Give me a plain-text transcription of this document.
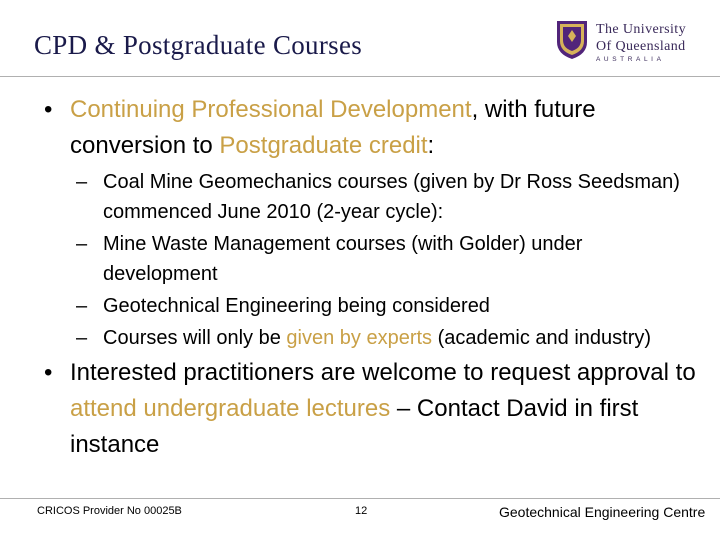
CPD & Postgraduate Courses
The University
Of Queensland
AUSTRALIA
• Continuing Professional Development, with future conversion to Postgraduate credit:
– Coal Mine Geomechanics courses (given by Dr Ross Seedsman) commenced June 2010 (2-year cycle):
– Mine Waste Management courses (with Golder) under development
– Geotechnical Engineering being considered
– Courses will only be given by experts (academic and industry)
• Interested practitioners are welcome to request approval to attend undergraduate lectures – Contact David in first instance
CRICOS Provider No 00025B	12	Geotechnical Engineering Centre
